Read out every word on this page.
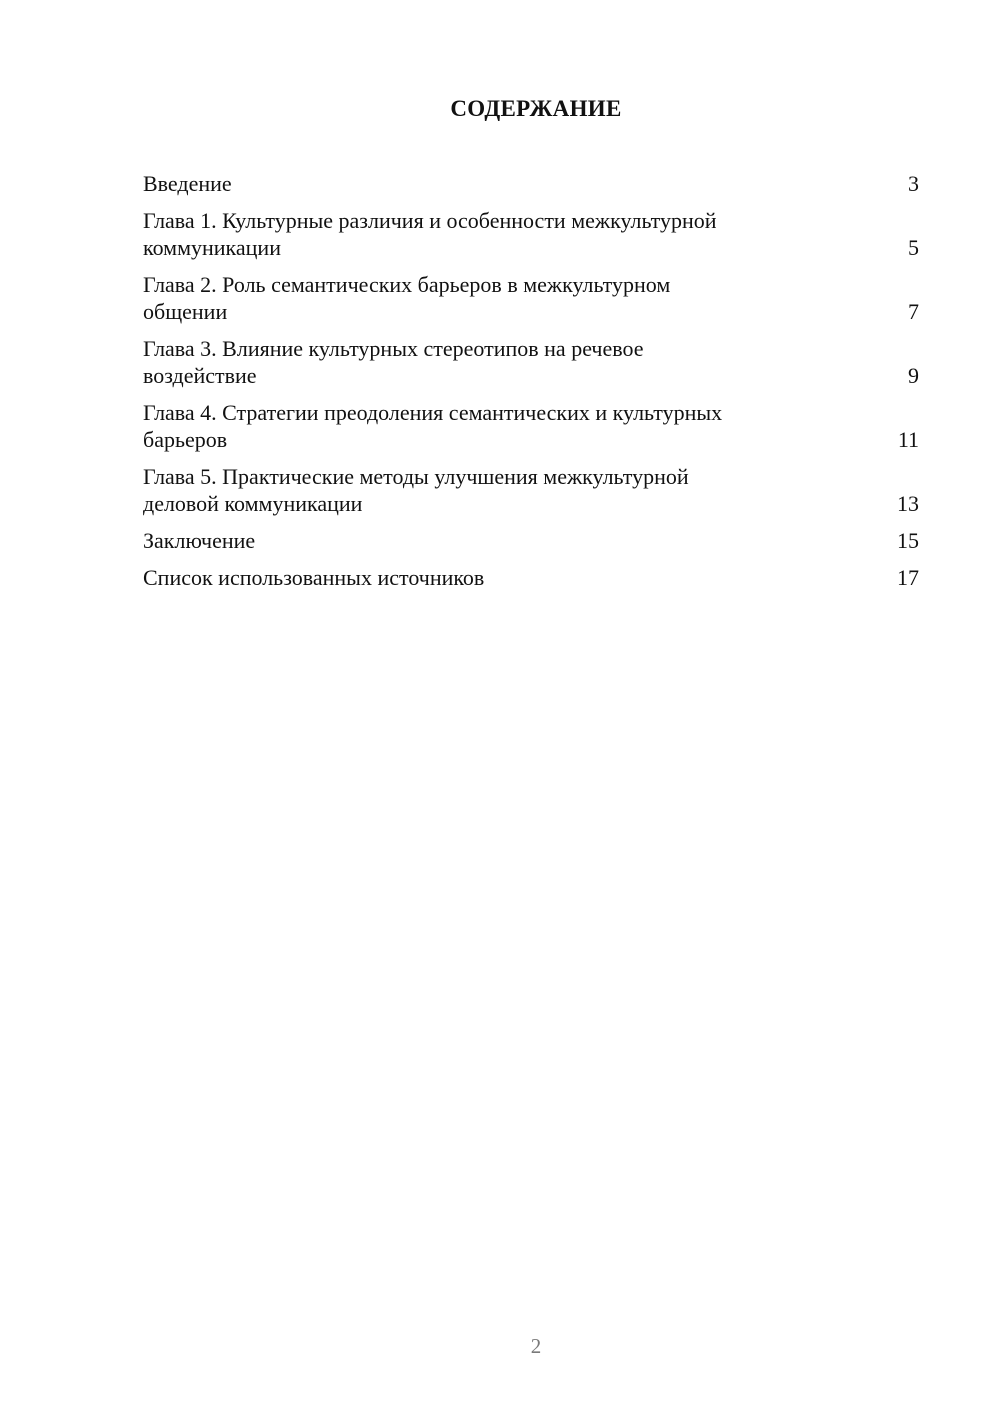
СОДЕРЖАНИЕ
Введение	3
Глава 1. Культурные различия и особенности межкультурной
коммуникации	5
Глава 2. Роль семантических барьеров в межкультурном
общении	7
Глава 3. Влияние культурных стереотипов на речевое
воздействие	9
Глава 4. Стратегии преодоления семантических и культурных
барьеров	11
Глава 5. Практические методы улучшения межкультурной
деловой коммуникации	13
Заключение	15
Список использованных источников	17
2
